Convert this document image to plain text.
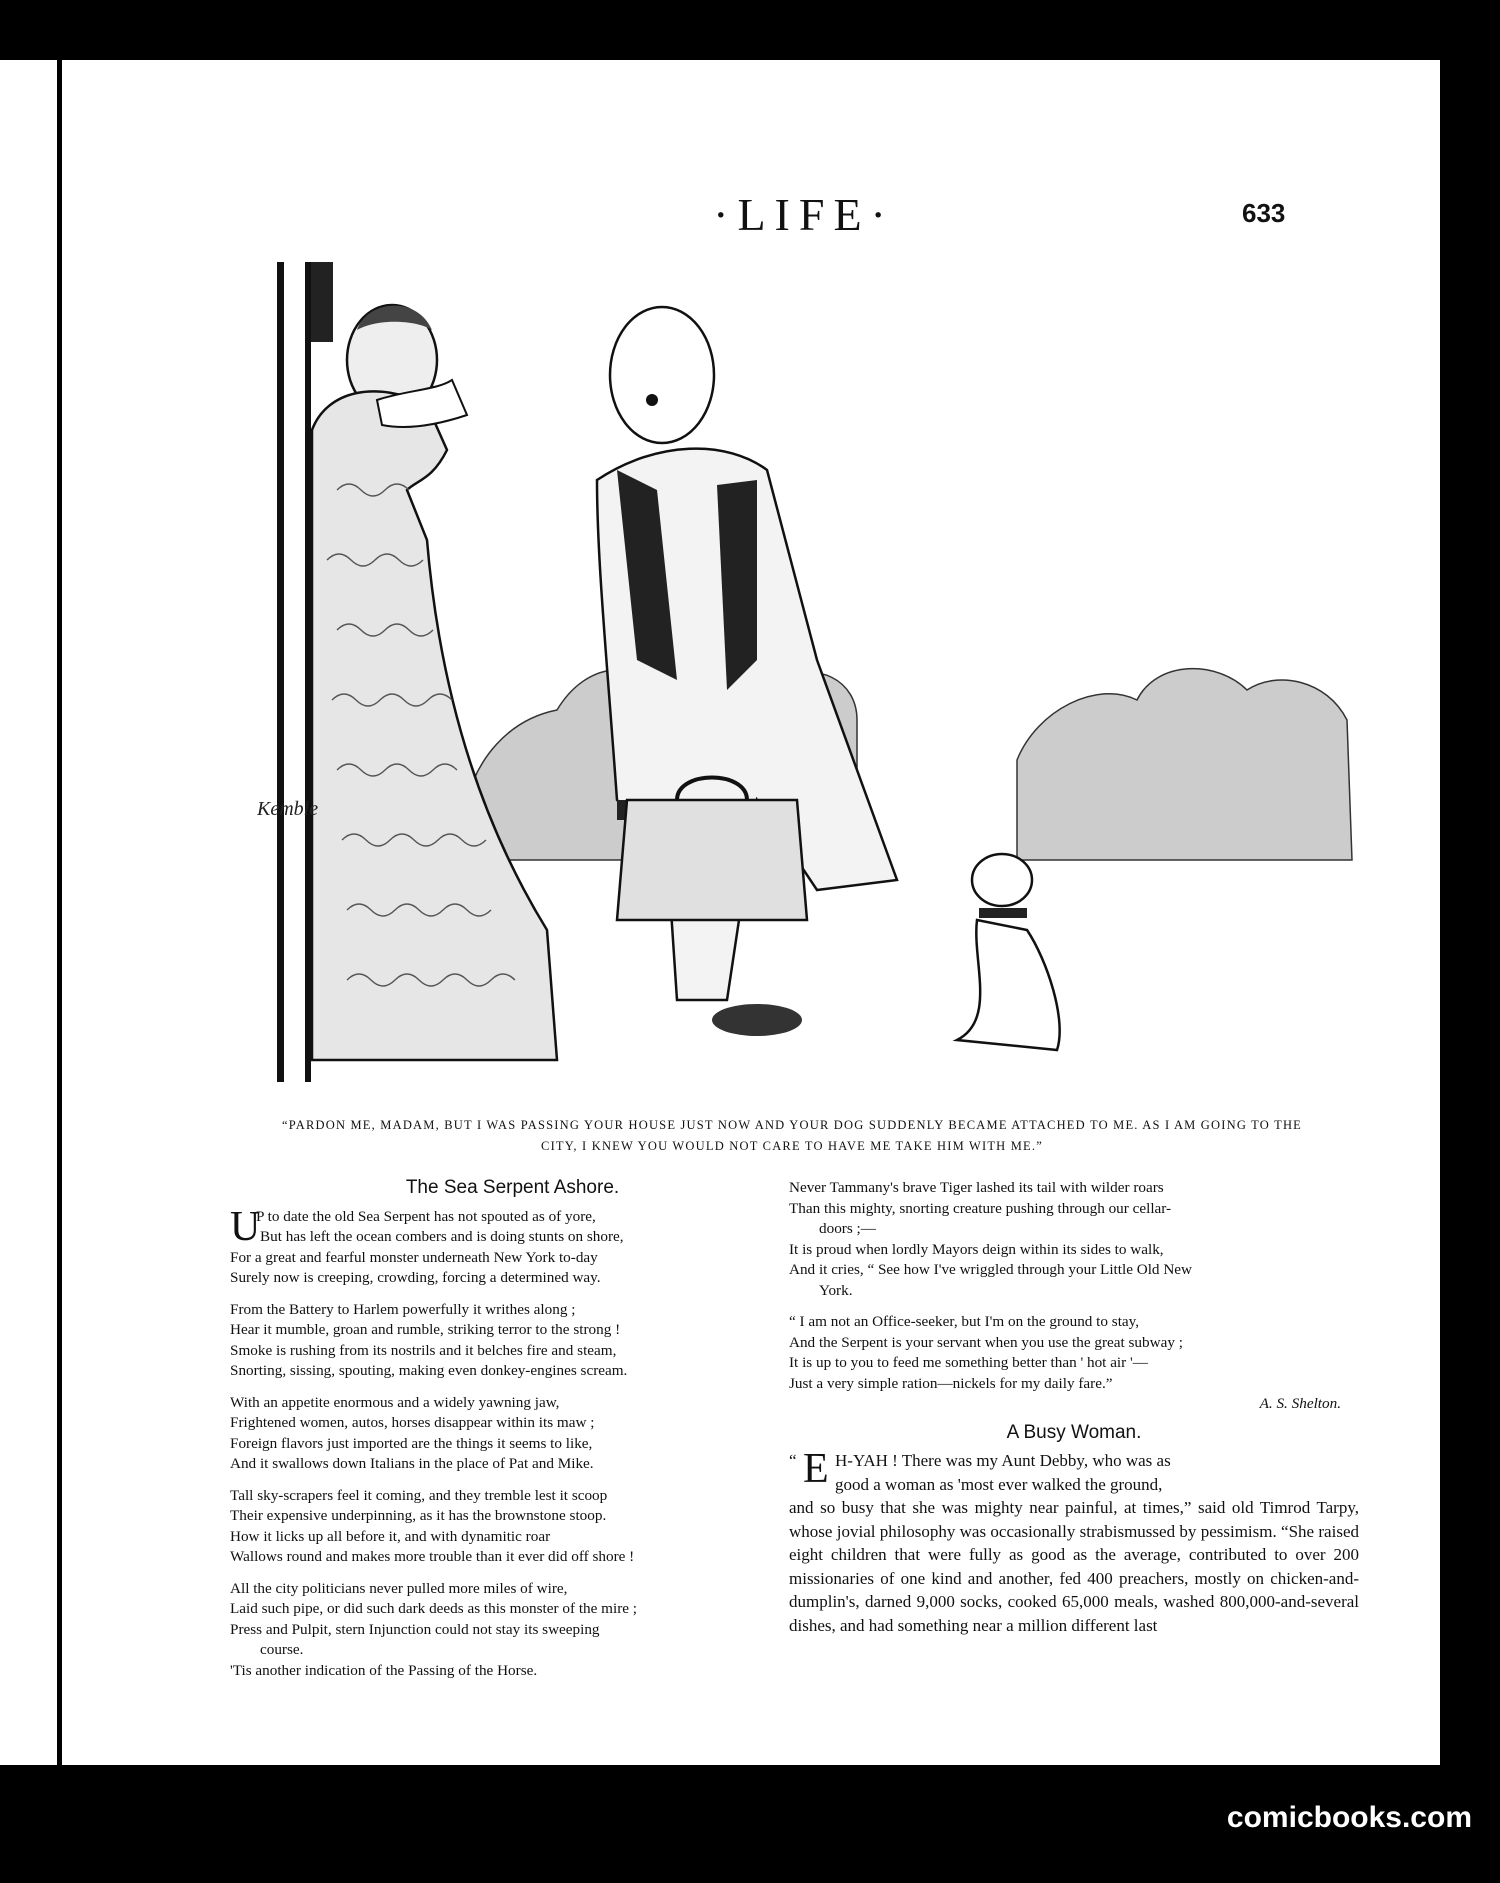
·LIFE·	633
Kemble
“PARDON ME, MADAM, BUT I WAS PASSING YOUR HOUSE JUST NOW AND YOUR DOG SUDDENLY BECAME ATTACHED TO ME. AS I AM GOING TO THE
CITY, I KNEW YOU WOULD NOT CARE TO HAVE ME TAKE HIM WITH ME.”
The Sea Serpent Ashore.
U
P to date the old Sea Serpent has not spouted as of yore,
But has left the ocean combers and is doing stunts on shore,
For a great and fearful monster underneath New York to-day
Surely now is creeping, crowding, forcing a determined way.
From the Battery to Harlem powerfully it writhes along ;
Hear it mumble, groan and rumble, striking terror to the strong !
Smoke is rushing from its nostrils and it belches fire and steam,
Snorting, sissing, spouting, making even donkey-engines scream.
With an appetite enormous and a widely yawning jaw,
Frightened women, autos, horses disappear within its maw ;
Foreign flavors just imported are the things it seems to like,
And it swallows down Italians in the place of Pat and Mike.
Tall sky-scrapers feel it coming, and they tremble lest it scoop
Their expensive underpinning, as it has the brownstone stoop.
How it licks up all before it, and with dynamitic roar
Wallows round and makes more trouble than it ever did off shore !
All the city politicians never pulled more miles of wire,
Laid such pipe, or did such dark deeds as this monster of the mire ;
Press and Pulpit, stern Injunction could not stay its sweeping
course.
'Tis another indication of the Passing of the Horse.
Never Tammany's brave Tiger lashed its tail with wilder roars
Than this mighty, snorting creature pushing through our cellar-
doors ;—
It is proud when lordly Mayors deign within its sides to walk,
And it cries, “ See how I've wriggled through your Little Old New
York.
“ I am not an Office-seeker, but I'm on the ground to stay,
And the Serpent is your servant when you use the great subway ;
It is up to you to feed me something better than ' hot air '—
Just a very simple ration—nickels for my daily fare.”
A. S. Shelton.
A Busy Woman.
“ E H-YAH ! There was my Aunt Debby, who was as
good a woman as 'most ever walked the ground,
and so busy that she was mighty near painful, at times,” said old Timrod Tarpy, whose jovial philosophy was occasionally strabismussed by pessimism. “She raised eight children that were fully as good as the average, contributed to over 200 missionaries of one kind and another, fed 400 preachers, mostly on chicken-and-dumplin's, darned 9,000 socks, cooked 65,000 meals, washed 800,000-and-several dishes, and had something near a million different last
comicbooks.com
